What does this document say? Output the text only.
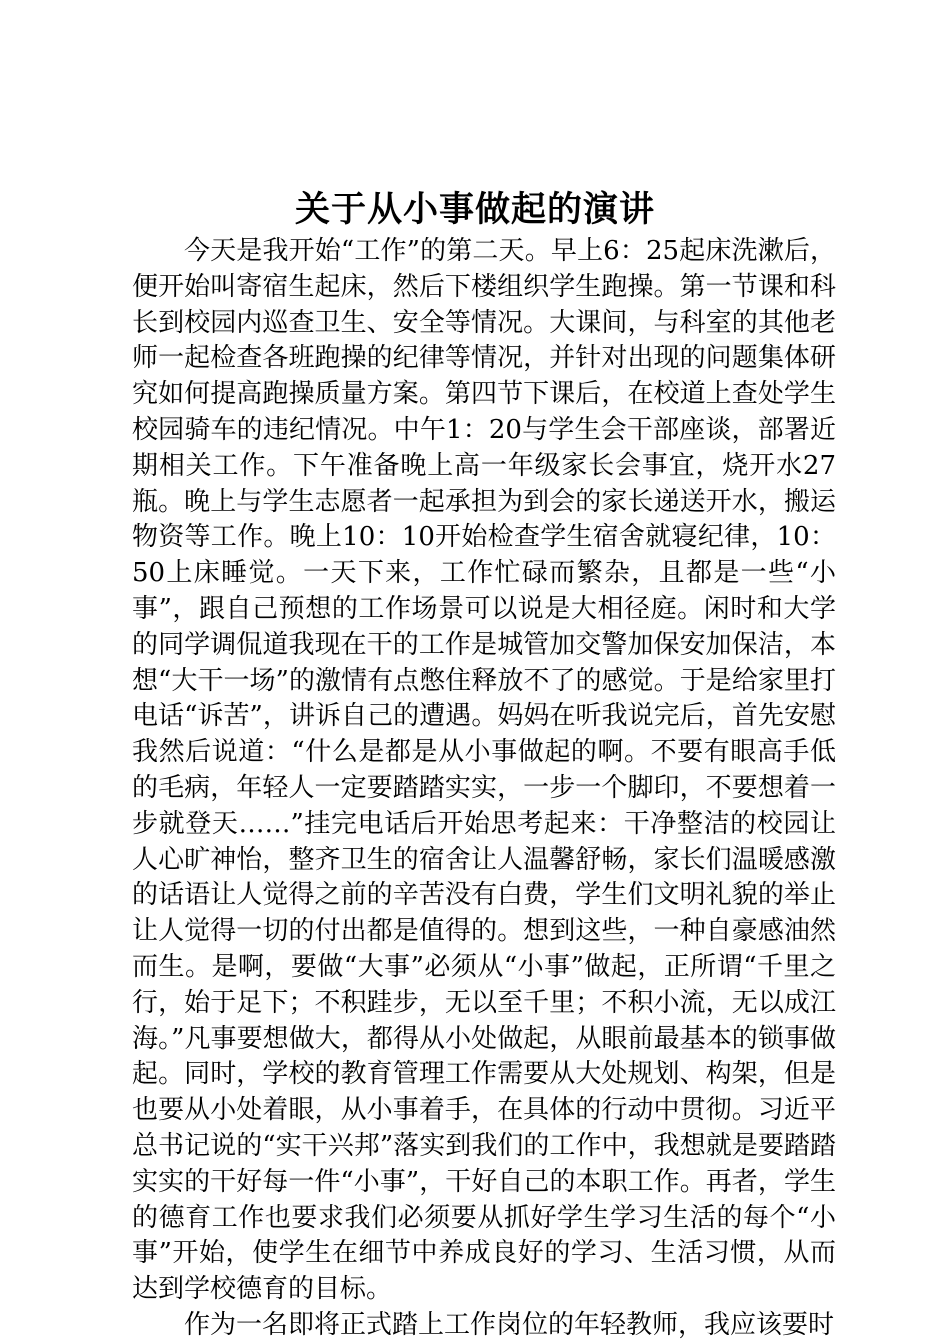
关于从小事做起的演讲

今天是我开始“工作”的第二天。早上6：25起床洗漱后，便开始叫寄宿生起床，然后下楼组织学生跑操。第一节课和科长到校园内巡查卫生、安全等情况。大课间，与科室的其他老师一起检查各班跑操的纪律等情况，并针对出现的问题集体研究如何提高跑操质量方案。第四节下课后，在校道上查处学生校园骑车的违纪情况。中午1：20与学生会干部座谈，部署近期相关工作。下午准备晚上高一年级家长会事宜，烧开水27瓶。晚上与学生志愿者一起承担为到会的家长递送开水，搬运物资等工作。晚上10：10开始检查学生宿舍就寝纪律，10：50上床睡觉。一天下来，工作忙碌而繁杂，且都是一些“小事”，跟自己预想的工作场景可以说是大相径庭。闲时和大学的同学调侃道我现在干的工作是城管加交警加保安加保洁，本想“大干一场”的激情有点憋住释放不了的感觉。于是给家里打电话“诉苦”，讲诉自己的遭遇。妈妈在听我说完后，首先安慰我然后说道：“什么是都是从小事做起的啊。不要有眼高手低的毛病，年轻人一定要踏踏实实，一步一个脚印，不要想着一步就登天……”挂完电话后开始思考起来：干净整洁的校园让人心旷神怡，整齐卫生的宿舍让人温馨舒畅，家长们温暖感激的话语让人觉得之前的辛苦没有白费，学生们文明礼貌的举止让人觉得一切的付出都是值得的。想到这些，一种自豪感油然而生。是啊，要做“大事”必须从“小事”做起，正所谓“千里之行，始于足下；不积跬步，无以至千里；不积小流，无以成江海。”凡事要想做大，都得从小处做起，从眼前最基本的锁事做起。同时，学校的教育管理工作需要从大处规划、构架，但是也要从小处着眼，从小事着手，在具体的行动中贯彻。习近平总书记说的“实干兴邦”落实到我们的工作中，我想就是要踏踏实实的干好每一件“小事”，干好自己的本职工作。再者，学生的德育工作也要求我们必须要从抓好学生学习生活的每个“小事”开始，使学生在细节中养成良好的学习、生活习惯，从而达到学校德育的目标。

作为一名即将正式踏上工作岗位的年轻教师，我应该要时
